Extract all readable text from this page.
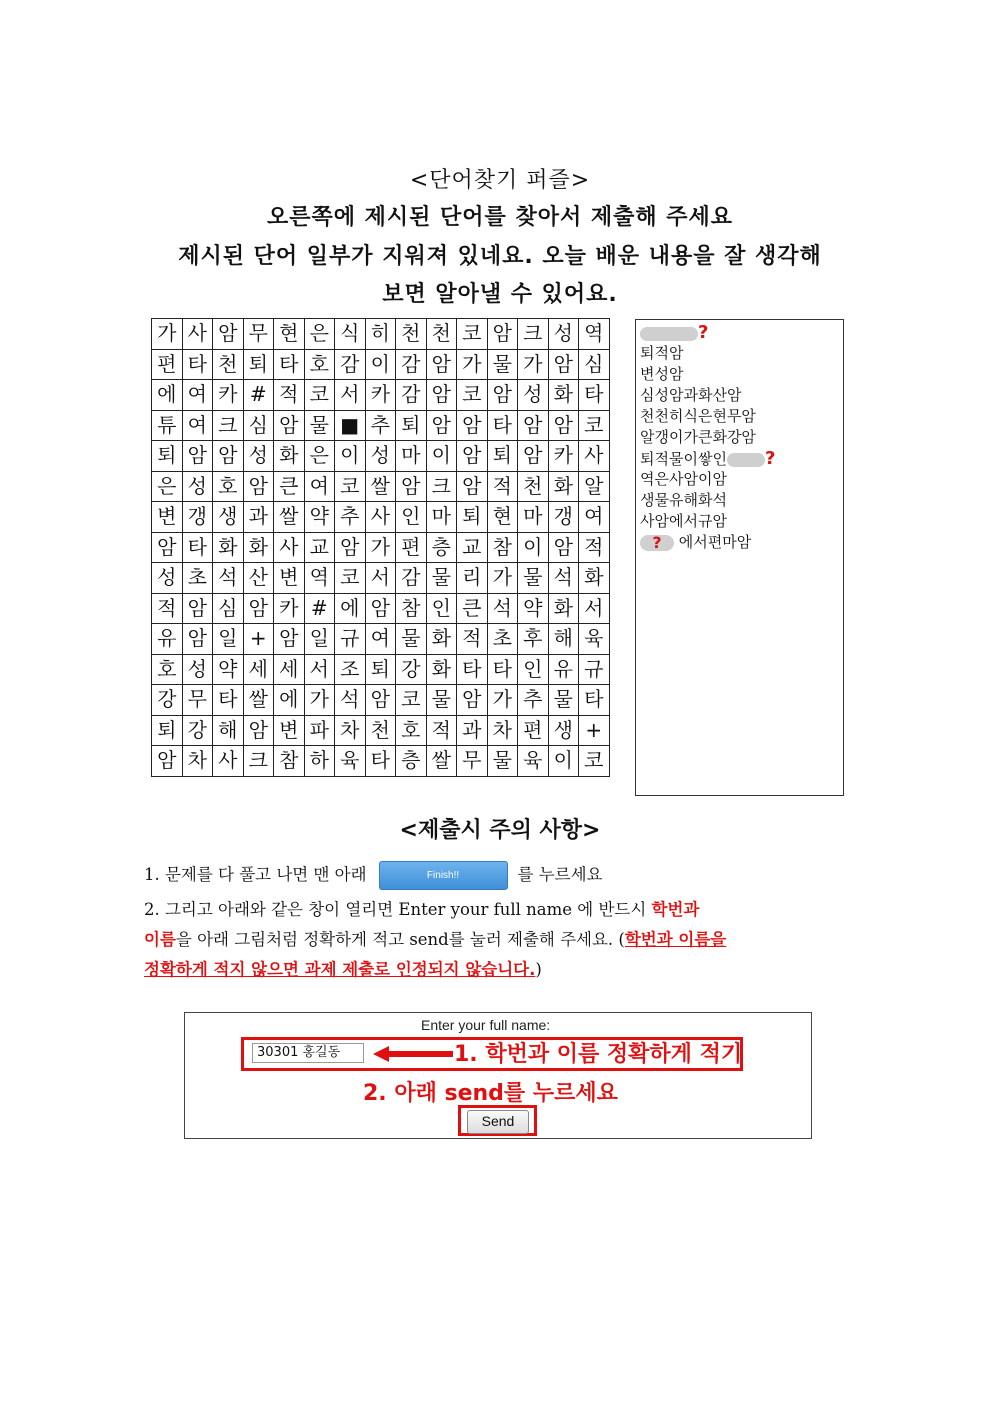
<단어찾기 퍼즐>
오른쪽에 제시된 단어를 찾아서 제출해 주세요
제시된 단어 일부가 지워져 있네요. 오늘 배운 내용을 잘 생각해
보면 알아낼 수 있어요.
가	사	암	무	현	은	식	히	천	천	코	암	크	성	역
편	타	천	퇴	타	호	감	이	감	암	가	물	가	암	심
에	여	카	#	적	코	서	카	감	암	코	암	성	화	타
튜	여	크	심	암	물	■	추	퇴	암	암	타	암	암	코
퇴	암	암	성	화	은	이	성	마	이	암	퇴	암	카	사
은	성	호	암	큰	여	코	쌀	암	크	암	적	천	화	알
변	갱	생	과	쌀	약	추	사	인	마	퇴	현	마	갱	여
암	타	화	화	사	교	암	가	편	층	교	참	이	암	적
성	초	석	산	변	역	코	서	감	물	리	가	물	석	화
적	암	심	암	카	#	에	암	참	인	큰	석	약	화	서
유	암	일	+	암	일	규	여	물	화	적	초	후	해	육
호	성	약	세	세	서	조	퇴	강	화	타	타	인	유	규
강	무	타	쌀	에	가	석	암	코	물	암	가	추	물	타
퇴	강	해	암	변	파	차	천	호	적	과	차	편	생	+
암	차	사	크	참	하	육	타	층	쌀	무	물	육	이	코
?
퇴적암
변성암
심성암과화산암
천천히식은현무암
알갱이가큰화강암
퇴적물이쌓인 ?
역은사암이암
생물유해화석
사암에서규암
? 에서편마암
<제출시 주의 사항>
1. 문제를 다 풀고 나면 맨 아래	Finish!!	를 누르세요
2. 그리고 아래와 같은 창이 열리면 Enter your full name 에 반드시 학번과
이름을 아래 그림처럼 정확하게 적고 send를 눌러 제출해 주세요. (학번과 이름을
정확하게 적지 않으면 과제 제출로 인정되지 않습니다.)
Enter your full name:
30301 홍길동	1. 학번과 이름 정확하게 적기
2. 아래 send를 누르세요
Send
